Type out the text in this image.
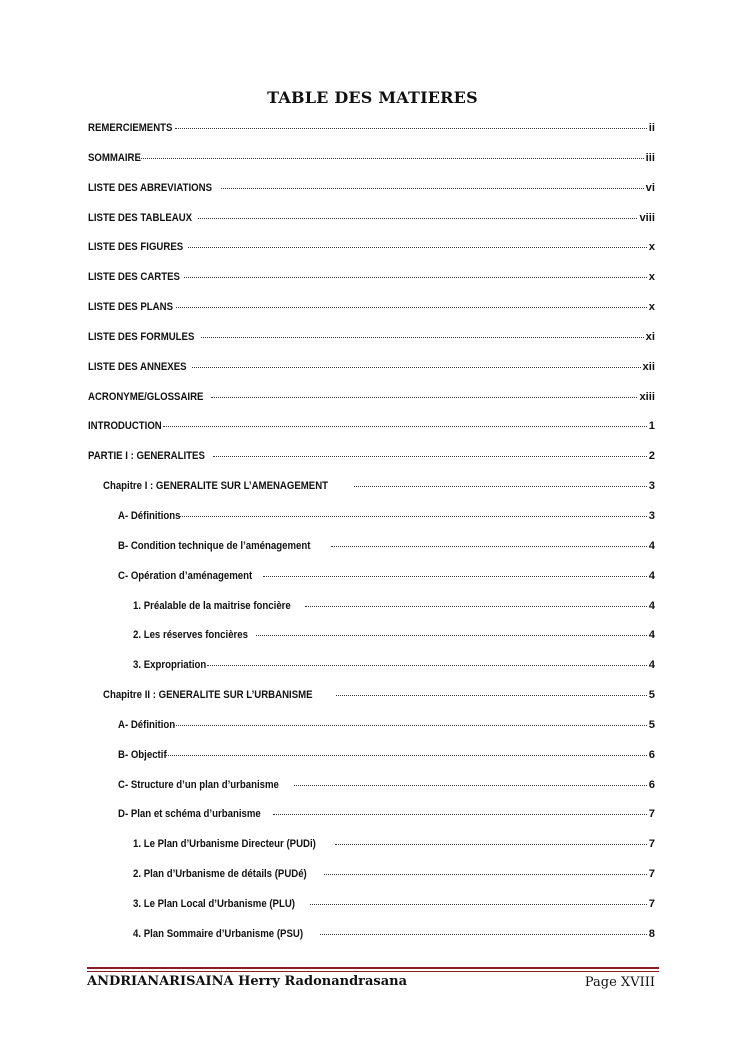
TABLE DES MATIERES
REMERCIEMENTS	ii
SOMMAIRE	iii
LISTE DES ABREVIATIONS	vi
LISTE DES TABLEAUX	viii
LISTE DES FIGURES	x
LISTE DES CARTES	x
LISTE DES PLANS	x
LISTE DES FORMULES	xi
LISTE DES ANNEXES	xii
ACRONYME/GLOSSAIRE	xiii
INTRODUCTION	1
PARTIE I : GENERALITES	2
Chapitre I : GENERALITE SUR L’AMENAGEMENT	3
A- Définitions	3
B- Condition technique de l’aménagement	4
C- Opération d’aménagement	4
1. Préalable de la maitrise foncière	4
2. Les réserves foncières	4
3. Expropriation	4
Chapitre II : GENERALITE SUR L’URBANISME	5
A- Définition	5
B- Objectif	6
C- Structure d’un plan d’urbanisme	6
D- Plan et schéma d’urbanisme	7
1. Le Plan d’Urbanisme Directeur (PUDi)	7
2. Plan d’Urbanisme de détails (PUDé)	7
3. Le Plan Local d’Urbanisme (PLU)	7
4. Plan Sommaire d’Urbanisme (PSU)	8
ANDRIANARISAINA Herry Radonandrasana	Page XVIII
